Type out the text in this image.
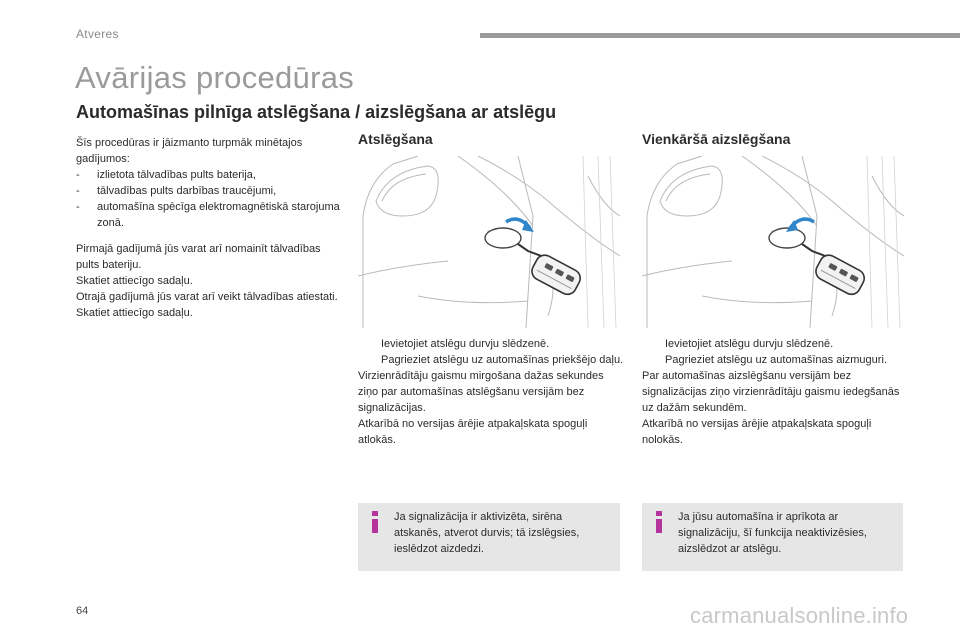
Atveres
Avārijas procedūras
Automašīnas pilnīga atslēgšana / aizslēgšana ar atslēgu

Šīs procedūras ir jāizmanto turpmāk minētajos gadījumos:

- izlietota tālvadības pults baterija,
- tālvadības pults darbības traucējumi,
- automašīna spēcīga elektromagnētiskā starojuma zonā.

Pirmajā gadījumā jūs varat arī nomainīt tālvadības pults bateriju.

Skatiet attiecīgo sadaļu.

Otrajā gadījumā jūs varat arī veikt tālvadības atiestati.

Skatiet attiecīgo sadaļu.

Atslēgšana
Ievietojiet atslēgu durvju slēdzenē.
Pagrieziet atslēgu uz automašīnas priekšējo daļu.

Virzienrādītāju gaismu mirgošana dažas sekundes ziņo par automašīnas atslēgšanu versijām bez signalizācijas.

Atkarībā no versijas ārējie atpakaļskata spoguļi atlokās.

Ja signalizācija ir aktivizēta, sirēna atskanēs, atverot durvis; tā izslēgsies, ieslēdzot aizdedzi.
Vienkāršā aizslēgšana
Ievietojiet atslēgu durvju slēdzenē.
Pagrieziet atslēgu uz automašīnas aizmuguri.

Par automašīnas aizslēgšanu versijām bez signalizācijas ziņo virzienrādītāju gaismu iedegšanās uz dažām sekundēm.

Atkarībā no versijas ārējie atpakaļskata spoguļi nolokās.

Ja jūsu automašīna ir aprīkota ar signalizāciju, šī funkcija neaktivizēsies, aizslēdzot ar atslēgu.
64	carmanualsonline.info
